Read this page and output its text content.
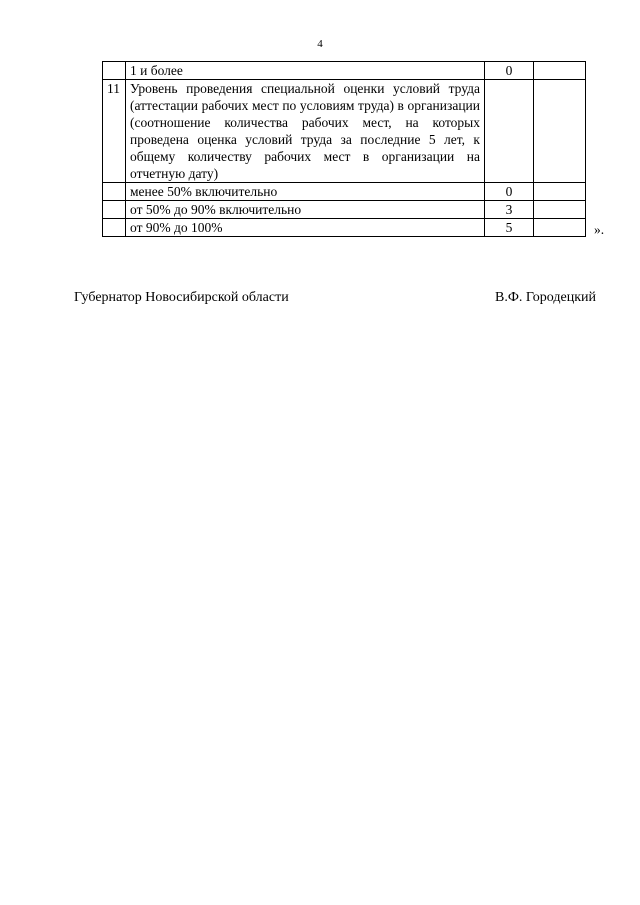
4
	1 и более	0	
11	Уровень проведения специальной оценки условий труда (аттестации рабочих мест по условиям труда) в организации (соотношение количества рабочих мест, на которых проведена оценка условий труда за последние 5 лет, к общему количеству рабочих мест в организации на отчетную дату)		
	менее 50% включительно	0	
	от 50% до 90% включительно	3	
	от 90% до 100%	5		».
Губернатор Новосибирской области	В.Ф. Городецкий
